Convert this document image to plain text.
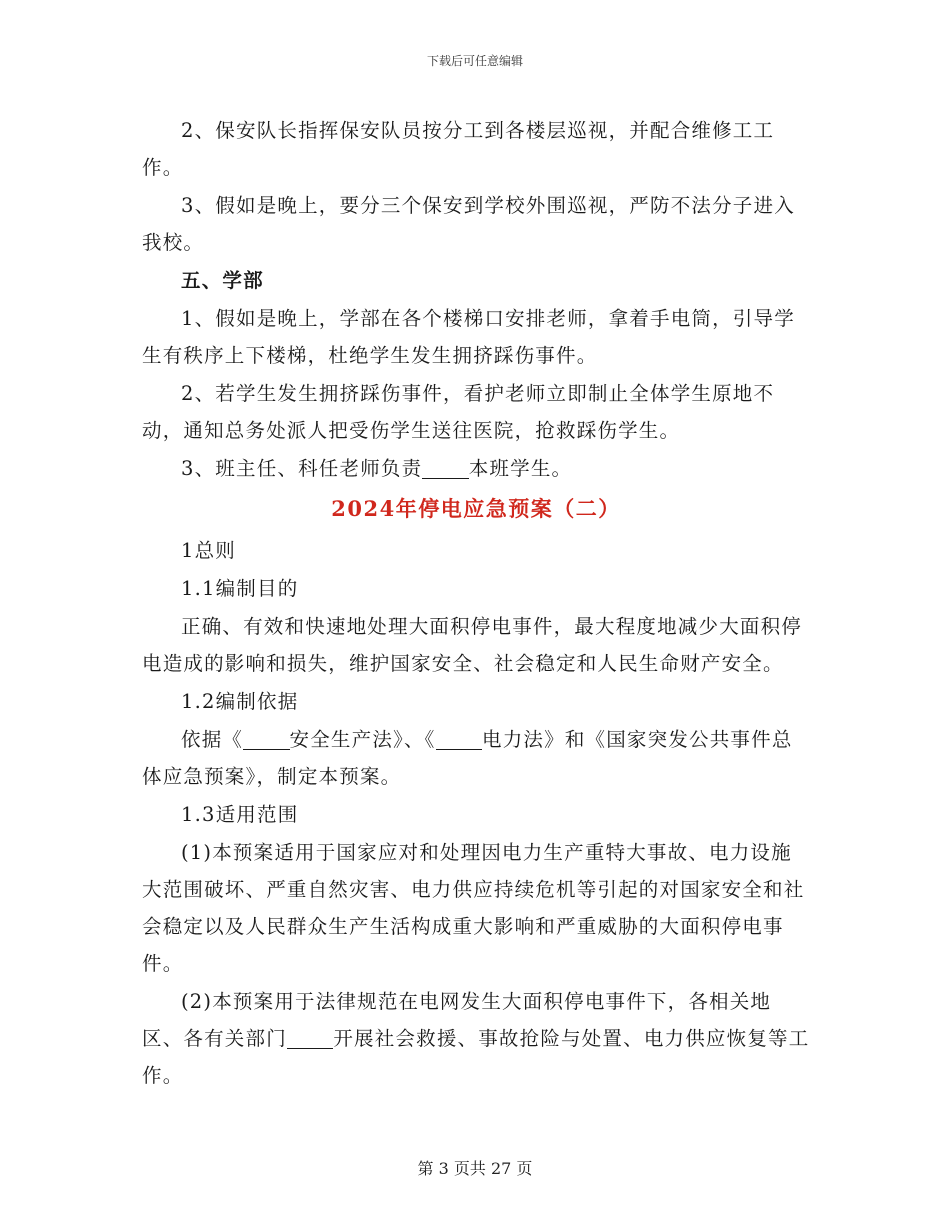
下载后可任意编辑

2、保安队长指挥保安队员按分工到各楼层巡视，并配合维修工工作。

3、假如是晚上，要分三个保安到学校外围巡视，严防不法分子进入我校。

五、学部

1、假如是晚上，学部在各个楼梯口安排老师，拿着手电筒，引导学生有秩序上下楼梯，杜绝学生发生拥挤踩伤事件。

2、若学生发生拥挤踩伤事件，看护老师立即制止全体学生原地不动，通知总务处派人把受伤学生送往医院，抢救踩伤学生。

3、班主任、科任老师负责 本班学生。

2024年停电应急预案（二）

1总则

1.1编制目的

正确、有效和快速地处理大面积停电事件，最大程度地减少大面积停电造成的影响和损失，维护国家安全、社会稳定和人民生命财产安全。

1.2编制依据

依据《 安全生产法》、《 电力法》和《国家突发公共事件总体应急预案》，制定本预案。

1.3适用范围

(1)本预案适用于国家应对和处理因电力生产重特大事故、电力设施大范围破坏、严重自然灾害、电力供应持续危机等引起的对国家安全和社会稳定以及人民群众生产生活构成重大影响和严重威胁的大面积停电事件。

(2)本预案用于法律规范在电网发生大面积停电事件下，各相关地区、各有关部门 开展社会救援、事故抢险与处置、电力供应恢复等工作。

第 3 页共 27 页
